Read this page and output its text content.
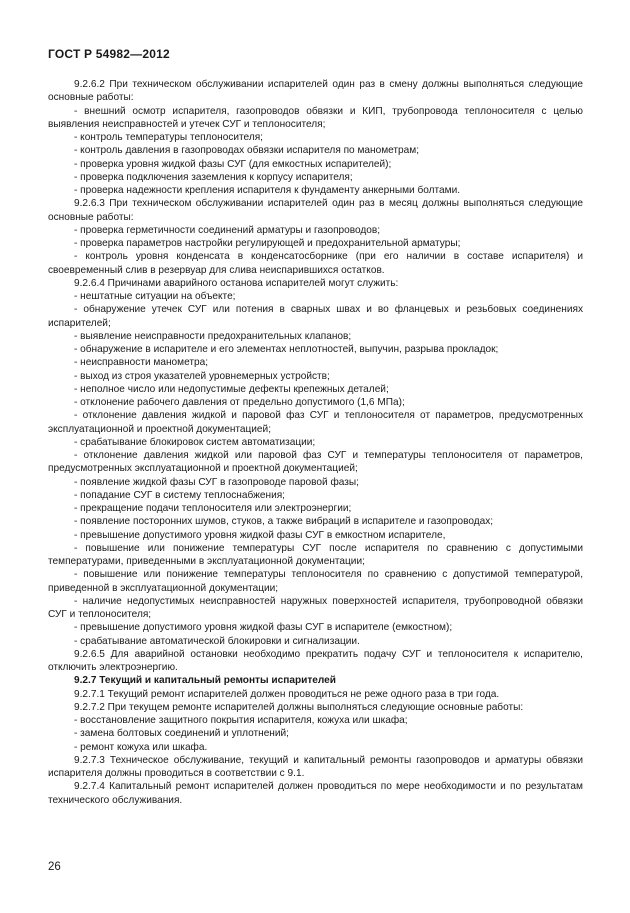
ГОСТ Р 54982—2012

9.2.6.2 При техническом обслуживании испарителей один раз в смену должны выполняться следующие основные работы:

- внешний осмотр испарителя, газопроводов обвязки и КИП, трубопровода теплоносителя с целью выявления неисправностей и утечек СУГ и теплоносителя;

- контроль температуры теплоносителя;

- контроль давления в газопроводах обвязки испарителя по манометрам;

- проверка уровня жидкой фазы СУГ (для емкостных испарителей);

- проверка подключения заземления к корпусу испарителя;

- проверка надежности крепления испарителя к фундаменту анкерными болтами.

9.2.6.3 При техническом обслуживании испарителей один раз в месяц должны выполняться следующие основные работы:

- проверка герметичности соединений арматуры и газопроводов;

- проверка параметров настройки регулирующей и предохранительной арматуры;

- контроль уровня конденсата в конденсатосборнике (при его наличии в составе испарителя) и своевременный слив в резервуар для слива неиспарившихся остатков.

9.2.6.4 Причинами аварийного останова испарителей могут служить:

- нештатные ситуации на объекте;

- обнаружение утечек СУГ или потения в сварных швах и во фланцевых и резьбовых соединениях испарителей;

- выявление неисправности предохранительных клапанов;

- обнаружение в испарителе и его элементах неплотностей, выпучин, разрыва прокладок;

- неисправности манометра;

- выход из строя указателей уровнемерных устройств;

- неполное число или недопустимые дефекты крепежных деталей;

- отклонение рабочего давления от предельно допустимого (1,6 МПа);

- отклонение давления жидкой и паровой фаз СУГ и теплоносителя от параметров, предусмотренных эксплуатационной и проектной документацией;

- срабатывание блокировок систем автоматизации;

- отклонение давления жидкой или паровой фаз СУГ и температуры теплоносителя от параметров, предусмотренных эксплуатационной и проектной документацией;

- появление жидкой фазы СУГ в газопроводе паровой фазы;

- попадание СУГ в систему теплоснабжения;

- прекращение подачи теплоносителя или электроэнергии;

- появление посторонних шумов, стуков, а также вибраций в испарителе и газопроводах;

- превышение допустимого уровня жидкой фазы СУГ в емкостном испарителе,

- повышение или понижение температуры СУГ после испарителя по сравнению с допустимыми температурами, приведенными в эксплуатационной документации;

- повышение или понижение температуры теплоносителя по сравнению с допустимой температурой, приведенной в эксплуатационной документации;

- наличие недопустимых неисправностей наружных поверхностей испарителя, трубопроводной обвязки СУГ и теплоносителя;

- превышение допустимого уровня жидкой фазы СУГ в испарителе (емкостном);

- срабатывание автоматической блокировки и сигнализации.

9.2.6.5 Для аварийной остановки необходимо прекратить подачу СУГ и теплоносителя к испарителю, отключить электроэнергию.

9.2.7 Текущий и капитальный ремонты испарителей

9.2.7.1 Текущий ремонт испарителей должен проводиться не реже одного раза в три года.

9.2.7.2 При текущем ремонте испарителей должны выполняться следующие основные работы:

- восстановление защитного покрытия испарителя, кожуха или шкафа;

- замена болтовых соединений и уплотнений;

- ремонт кожуха или шкафа.

9.2.7.3 Техническое обслуживание, текущий и капитальный ремонты газопроводов и арматуры обвязки испарителя должны проводиться в соответствии с 9.1.

9.2.7.4 Капитальный ремонт испарителей должен проводиться по мере необходимости и по результатам технического обслуживания.

26
